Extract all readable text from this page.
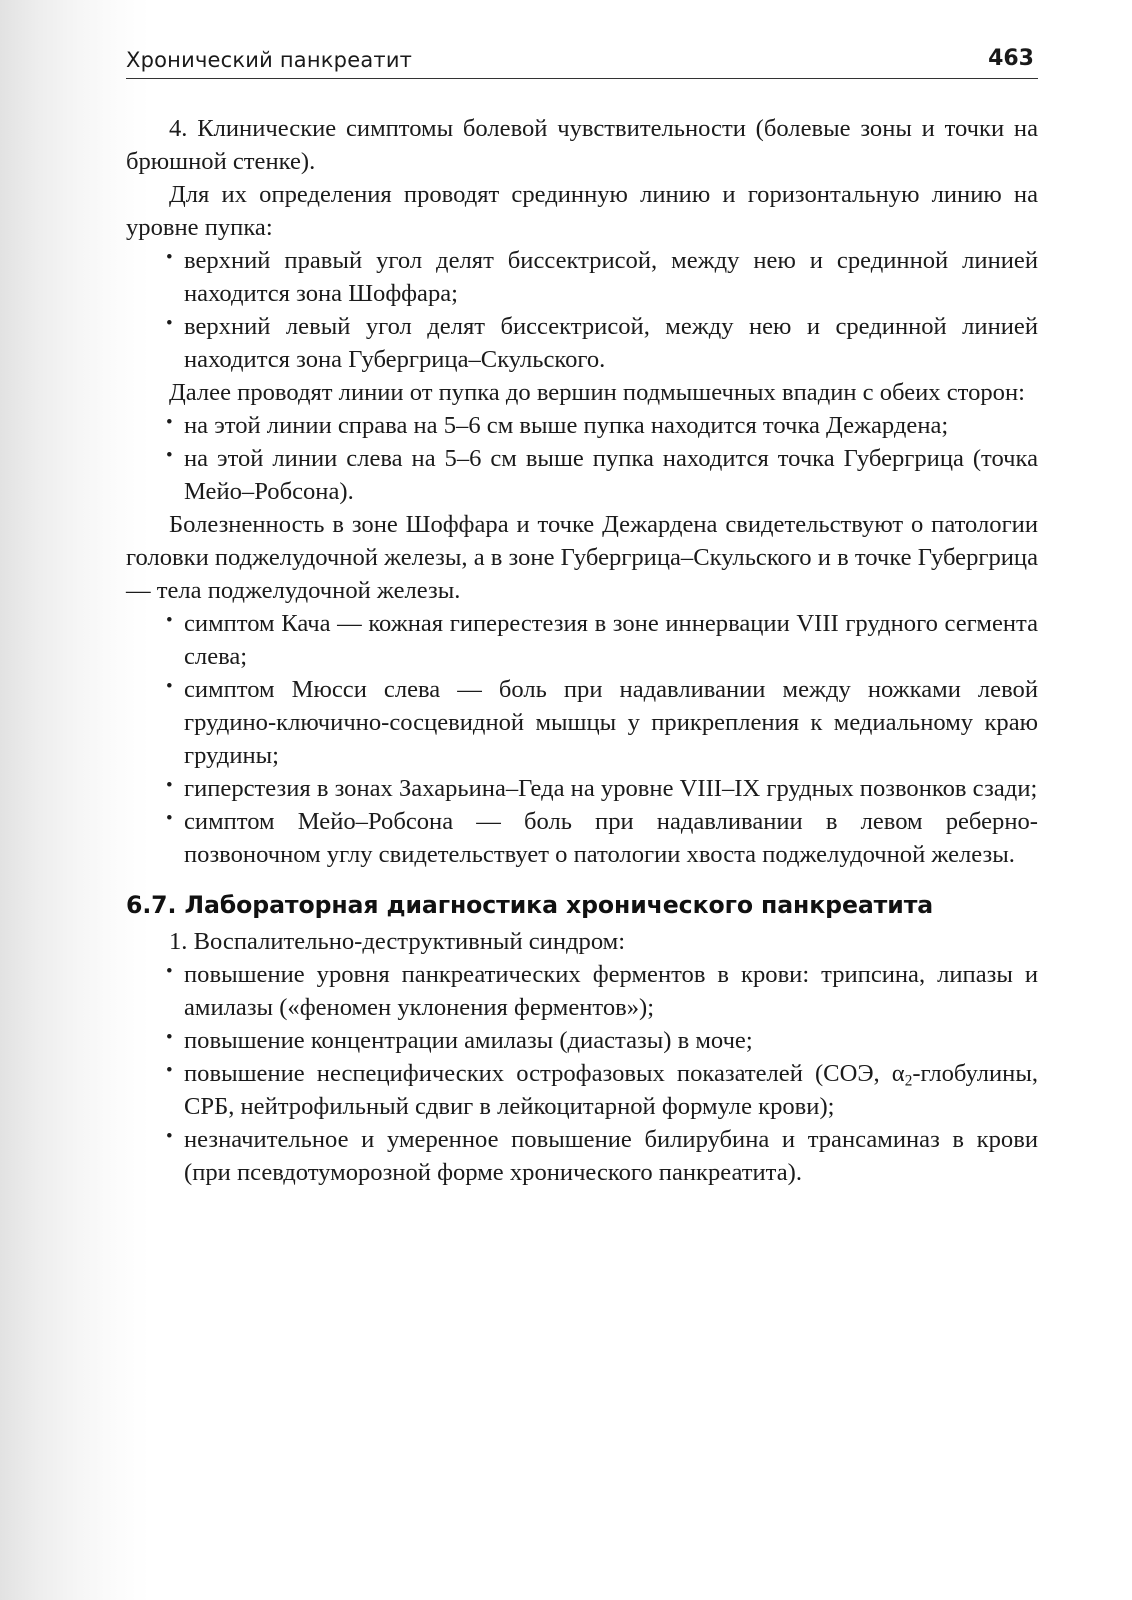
Хронический панкреатит	463

4. Клинические симптомы болевой чувствительности (болевые зоны и точки на брюшной стенке).

Для их определения проводят срединную линию и горизонтальную линию на уровне пупка:

• верхний правый угол делят биссектрисой, между нею и срединной линией находится зона Шоффара;
• верхний левый угол делят биссектрисой, между нею и срединной линией находится зона Губергрица–Скульского.

Далее проводят линии от пупка до вершин подмышечных впадин с обеих сторон:

• на этой линии справа на 5–6 см выше пупка находится точка Дежардена;
• на этой линии слева на 5–6 см выше пупка находится точка Губергрица (точка Мейо–Робсона).

Болезненность в зоне Шоффара и точке Дежардена свидетельствуют о патологии головки поджелудочной железы, а в зоне Губергрица–Скульского и в точке Губергрица — тела поджелудочной железы.

• симптом Кача — кожная гиперестезия в зоне иннервации VIII грудного сегмента слева;
• симптом Мюсси слева — боль при надавливании между ножками левой грудино-ключично-сосцевидной мышцы у прикрепления к медиальному краю грудины;
• гиперстезия в зонах Захарьина–Геда на уровне VIII–IX грудных позвонков сзади;
• симптом Мейо–Робсона — боль при надавливании в левом реберно-позвоночном углу свидетельствует о патологии хвоста поджелудочной железы.
6.7. Лабораторная диагностика хронического панкреатита

1. Воспалительно-деструктивный синдром:

• повышение уровня панкреатических ферментов в крови: трипсина, липазы и амилазы («феномен уклонения ферментов»);
• повышение концентрации амилазы (диастазы) в моче;
• повышение неспецифических острофазовых показателей (СОЭ, $\alpha_2$-глобулины, СРБ, нейтрофильный сдвиг в лейкоцитарной формуле крови);
• незначительное и умеренное повышение билирубина и трансаминаз в крови (при псевдотуморозной форме хронического панкреатита).
